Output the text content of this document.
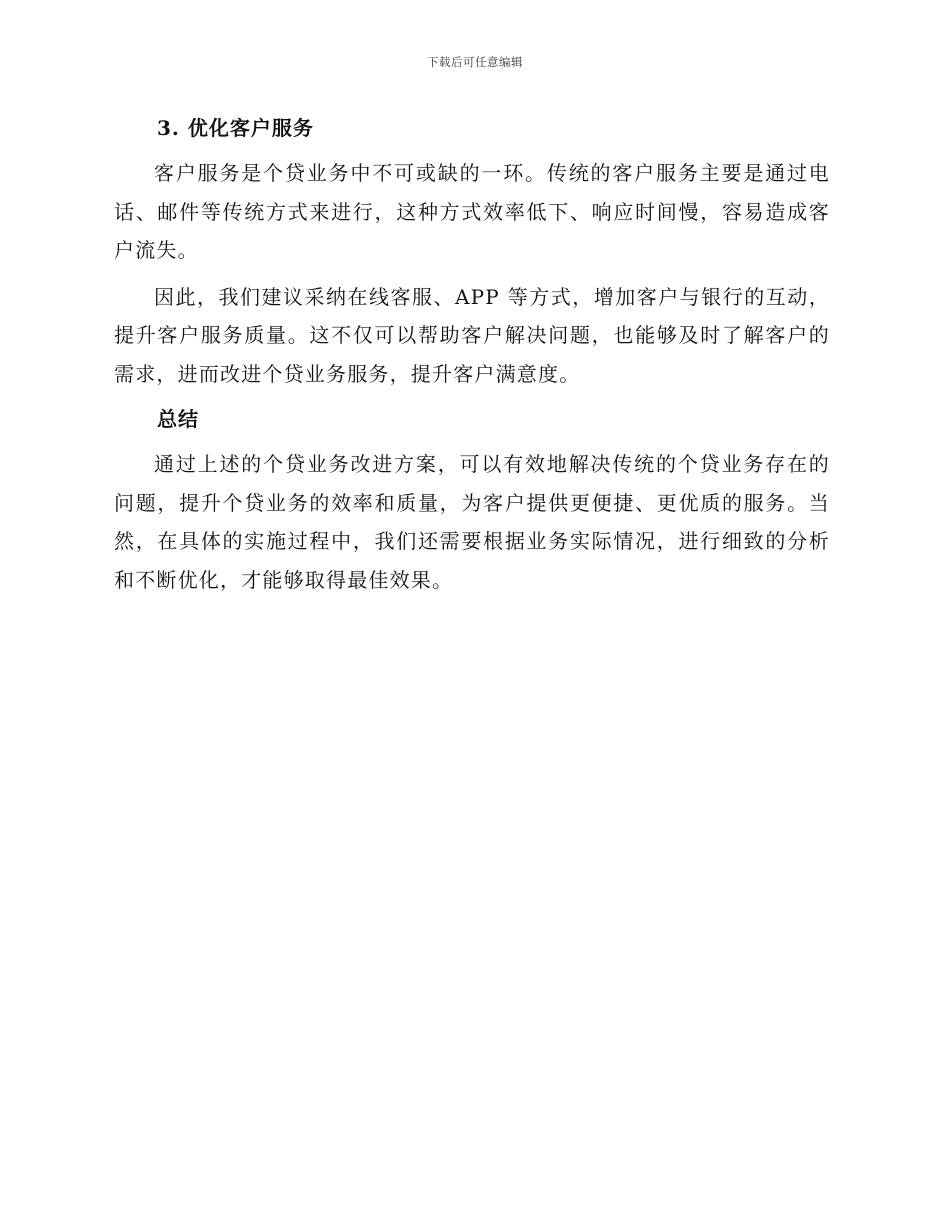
下载后可任意编辑
3. 优化客户服务

客户服务是个贷业务中不可或缺的一环。传统的客户服务主要是通过电话、邮件等传统方式来进行，这种方式效率低下、响应时间慢，容易造成客户流失。

因此，我们建议采纳在线客服、APP 等方式，增加客户与银行的互动，提升客户服务质量。这不仅可以帮助客户解决问题，也能够及时了解客户的需求，进而改进个贷业务服务，提升客户满意度。

总结

通过上述的个贷业务改进方案，可以有效地解决传统的个贷业务存在的问题，提升个贷业务的效率和质量，为客户提供更便捷、更优质的服务。当然，在具体的实施过程中，我们还需要根据业务实际情况，进行细致的分析和不断优化，才能够取得最佳效果。
